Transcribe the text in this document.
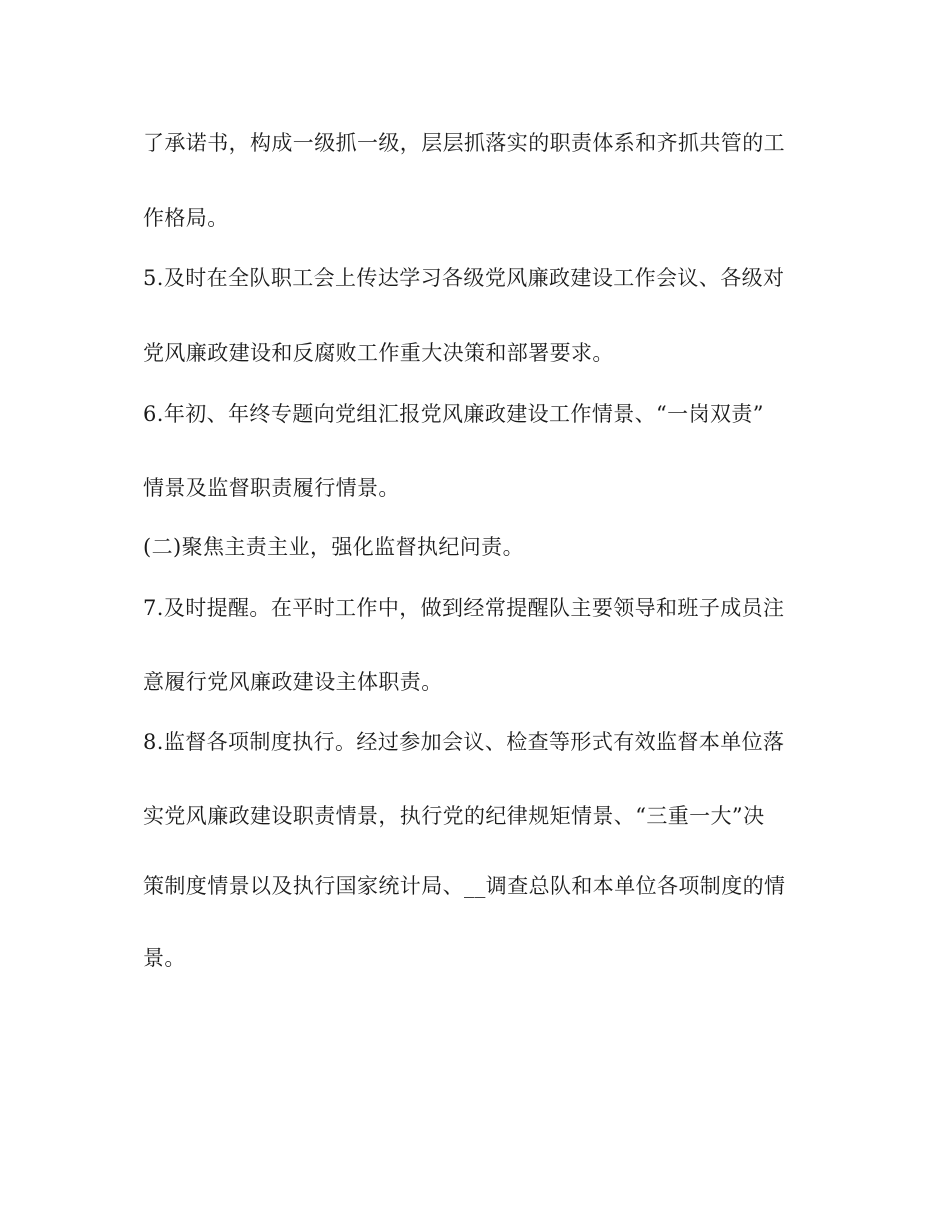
了承诺书，构成一级抓一级，层层抓落实的职责体系和齐抓共管的工
作格局。
5.及时在全队职工会上传达学习各级党风廉政建设工作会议、各级对
党风廉政建设和反腐败工作重大决策和部署要求。
6.年初、年终专题向党组汇报党风廉政建设工作情景、“一岗双责”
情景及监督职责履行情景。
(二)聚焦主责主业，强化监督执纪问责。
7.及时提醒。在平时工作中，做到经常提醒队主要领导和班子成员注
意履行党风廉政建设主体职责。
8.监督各项制度执行。经过参加会议、检查等形式有效监督本单位落
实党风廉政建设职责情景，执行党的纪律规矩情景、“三重一大”决
策制度情景以及执行国家统计局、__调查总队和本单位各项制度的情
景。
